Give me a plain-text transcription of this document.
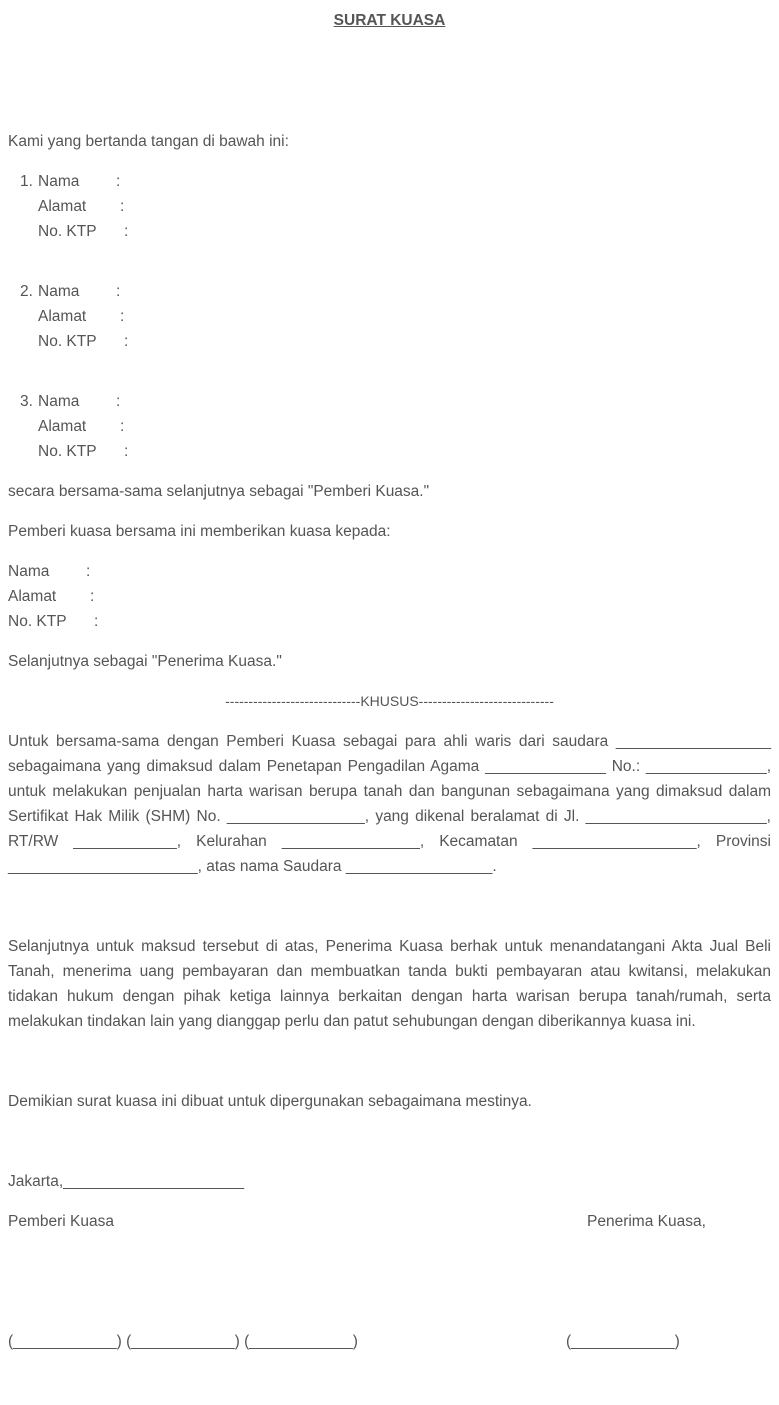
SURAT KUASA
Kami yang bertanda tangan di bawah ini:
1. Nama :
Alamat :
No. KTP :
2. Nama :
Alamat :
No. KTP :
3. Nama :
Alamat :
No. KTP :
secara bersama-sama selanjutnya sebagai "Pemberi Kuasa."
Pemberi kuasa bersama ini memberikan kuasa kepada:
Nama :
Alamat :
No. KTP :
Selanjutnya sebagai "Penerima Kuasa."
-----------------------------KHUSUS-----------------------------
Untuk bersama-sama dengan Pemberi Kuasa sebagai para ahli waris dari saudara __________________ sebagaimana yang dimaksud dalam Penetapan Pengadilan Agama ______________ No.: ______________, untuk melakukan penjualan harta warisan berupa tanah dan bangunan sebagaimana yang dimaksud dalam Sertifikat Hak Milik (SHM) No. ________________, yang dikenal beralamat di Jl. _____________________, RT/RW ____________, Kelurahan ________________, Kecamatan ___________________, Provinsi ______________________, atas nama Saudara _________________.
Selanjutnya untuk maksud tersebut di atas, Penerima Kuasa berhak untuk menandatangani Akta Jual Beli Tanah, menerima uang pembayaran dan membuatkan tanda bukti pembayaran atau kwitansi, melakukan tidakan hukum dengan pihak ketiga lainnya berkaitan dengan harta warisan berupa tanah/rumah, serta melakukan tindakan lain yang dianggap perlu dan patut sehubungan dengan diberikannya kuasa ini.
Demikian surat kuasa ini dibuat untuk dipergunakan sebagaimana mestinya.
Jakarta,_____________________
Pemberi Kuasa	Penerima Kuasa,
(____________) (____________) (____________)	(____________)
